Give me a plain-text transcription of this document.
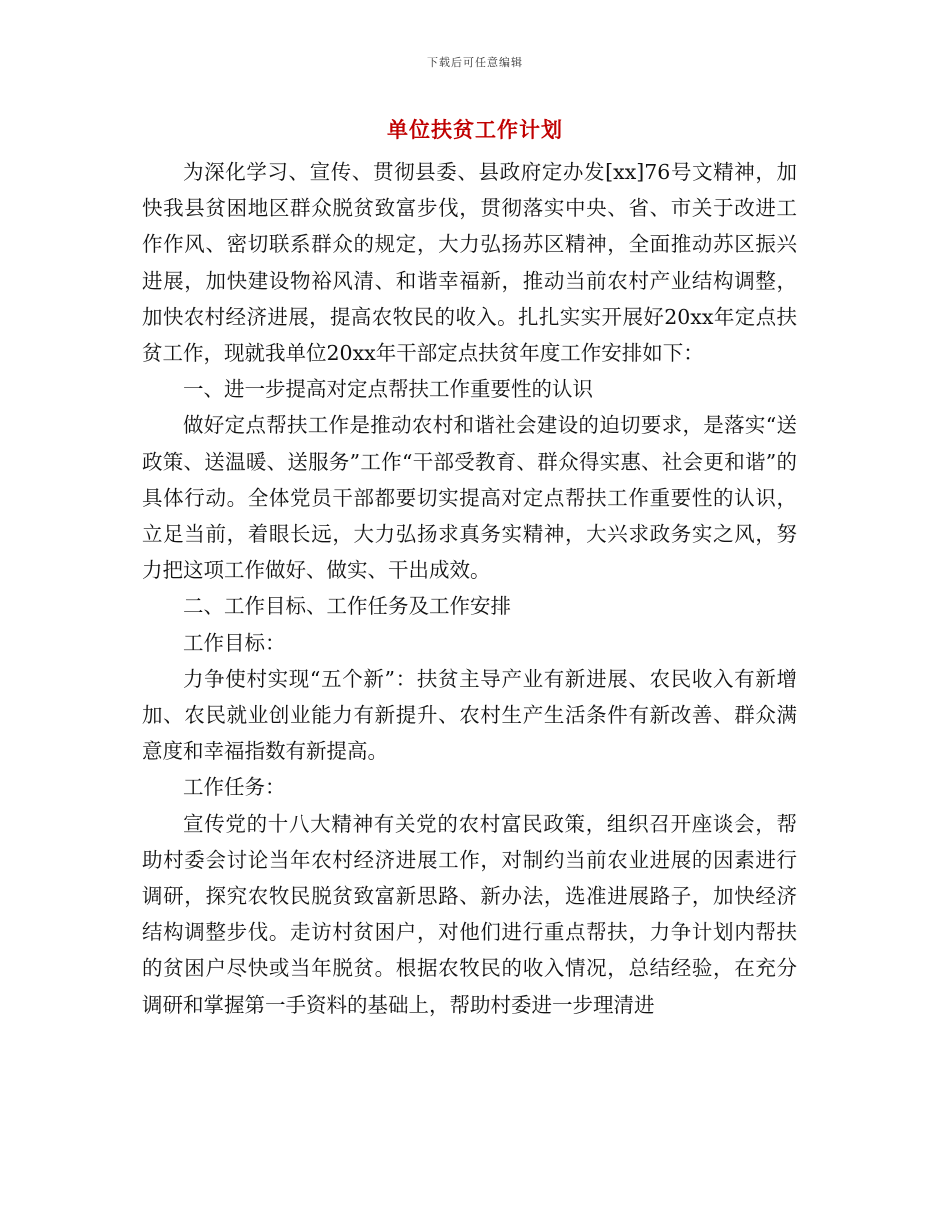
下载后可任意编辑
单位扶贫工作计划

为深化学习、宣传、贯彻县委、县政府定办发[xx]76号文精神，加快我县贫困地区群众脱贫致富步伐，贯彻落实中央、省、市关于改进工作作风、密切联系群众的规定，大力弘扬苏区精神，全面推动苏区振兴进展，加快建设物裕风清、和谐幸福新，推动当前农村产业结构调整，加快农村经济进展，提高农牧民的收入。扎扎实实开展好20xx年定点扶贫工作，现就我单位20xx年干部定点扶贫年度工作安排如下：

一、进一步提高对定点帮扶工作重要性的认识

做好定点帮扶工作是推动农村和谐社会建设的迫切要求，是落实“送政策、送温暖、送服务”工作“干部受教育、群众得实惠、社会更和谐”的具体行动。全体党员干部都要切实提高对定点帮扶工作重要性的认识，立足当前，着眼长远，大力弘扬求真务实精神，大兴求政务实之风，努力把这项工作做好、做实、干出成效。

二、工作目标、工作任务及工作安排

工作目标：

力争使村实现“五个新”：扶贫主导产业有新进展、农民收入有新增加、农民就业创业能力有新提升、农村生产生活条件有新改善、群众满意度和幸福指数有新提高。

工作任务：

宣传党的十八大精神有关党的农村富民政策，组织召开座谈会，帮助村委会讨论当年农村经济进展工作，对制约当前农业进展的因素进行调研，探究农牧民脱贫致富新思路、新办法，选准进展路子，加快经济结构调整步伐。走访村贫困户，对他们进行重点帮扶，力争计划内帮扶的贫困户尽快或当年脱贫。根据农牧民的收入情况，总结经验，在充分调研和掌握第一手资料的基础上，帮助村委进一步理清进
